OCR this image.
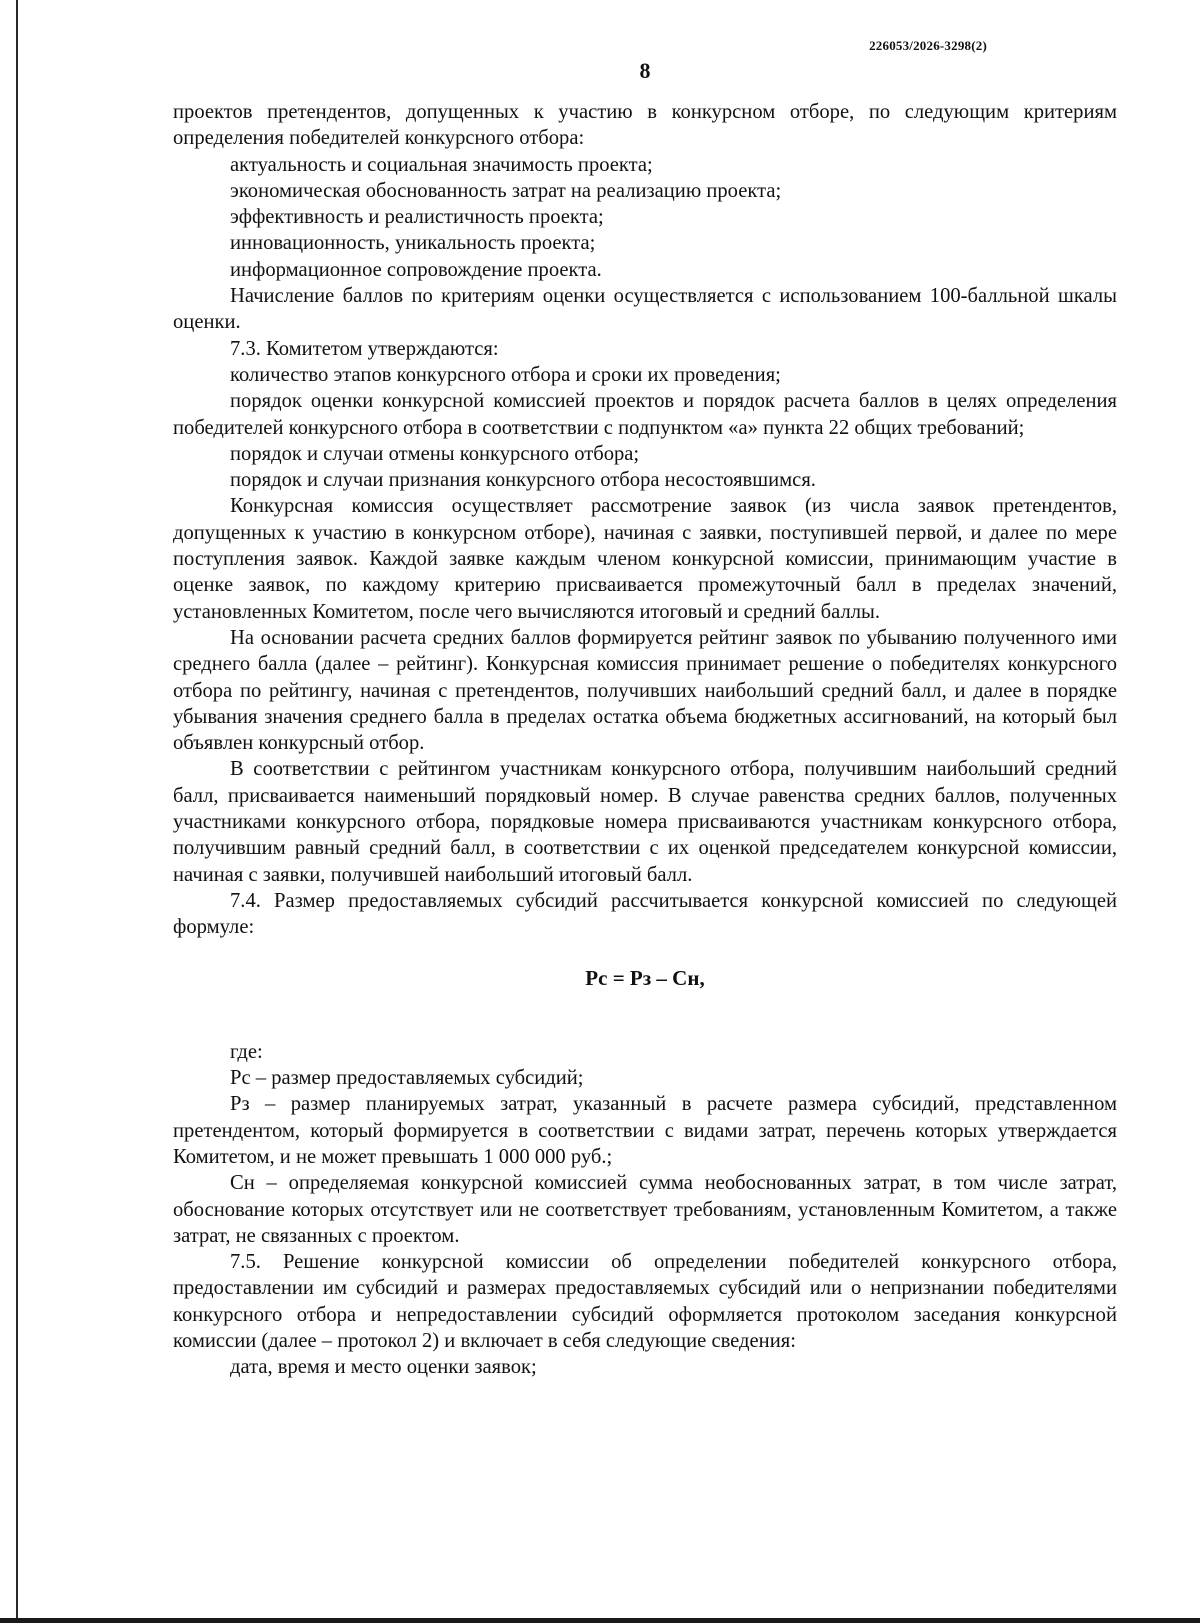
226053/2026-3298(2)
8

проектов претендентов, допущенных к участию в конкурсном отборе, по следующим критериям определения победителей конкурсного отбора:

актуальность и социальная значимость проекта;

экономическая обоснованность затрат на реализацию проекта;

эффективность и реалистичность проекта;

инновационность, уникальность проекта;

информационное сопровождение проекта.

Начисление баллов по критериям оценки осуществляется с использованием 100-балльной шкалы оценки.

7.3. Комитетом утверждаются:

количество этапов конкурсного отбора и сроки их проведения;

порядок оценки конкурсной комиссией проектов и порядок расчета баллов в целях определения победителей конкурсного отбора в соответствии с подпунктом «а» пункта 22 общих требований;

порядок и случаи отмены конкурсного отбора;

порядок и случаи признания конкурсного отбора несостоявшимся.

Конкурсная комиссия осуществляет рассмотрение заявок (из числа заявок претендентов, допущенных к участию в конкурсном отборе), начиная с заявки, поступившей первой, и далее по мере поступления заявок. Каждой заявке каждым членом конкурсной комиссии, принимающим участие в оценке заявок, по каждому критерию присваивается промежуточный балл в пределах значений, установленных Комитетом, после чего вычисляются итоговый и средний баллы.

На основании расчета средних баллов формируется рейтинг заявок по убыванию полученного ими среднего балла (далее – рейтинг). Конкурсная комиссия принимает решение о победителях конкурсного отбора по рейтингу, начиная с претендентов, получивших наибольший средний балл, и далее в порядке убывания значения среднего балла в пределах остатка объема бюджетных ассигнований, на который был объявлен конкурсный отбор.

В соответствии с рейтингом участникам конкурсного отбора, получившим наибольший средний балл, присваивается наименьший порядковый номер. В случае равенства средних баллов, полученных участниками конкурсного отбора, порядковые номера присваиваются участникам конкурсного отбора, получившим равный средний балл, в соответствии с их оценкой председателем конкурсной комиссии, начиная с заявки, получившей наибольший итоговый балл.

7.4. Размер предоставляемых субсидий рассчитывается конкурсной комиссией по следующей формуле:

Рс = Рз – Сн,

где:

Рс – размер предоставляемых субсидий;

Рз – размер планируемых затрат, указанный в расчете размера субсидий, представленном претендентом, который формируется в соответствии с видами затрат, перечень которых утверждается Комитетом, и не может превышать 1 000 000 руб.;

Сн – определяемая конкурсной комиссией сумма необоснованных затрат, в том числе затрат, обоснование которых отсутствует или не соответствует требованиям, установленным Комитетом, а также затрат, не связанных с проектом.

7.5. Решение конкурсной комиссии об определении победителей конкурсного отбора, предоставлении им субсидий и размерах предоставляемых субсидий или о непризнании победителями конкурсного отбора и непредоставлении субсидий оформляется протоколом заседания конкурсной комиссии (далее – протокол 2) и включает в себя следующие сведения:

дата, время и место оценки заявок;
